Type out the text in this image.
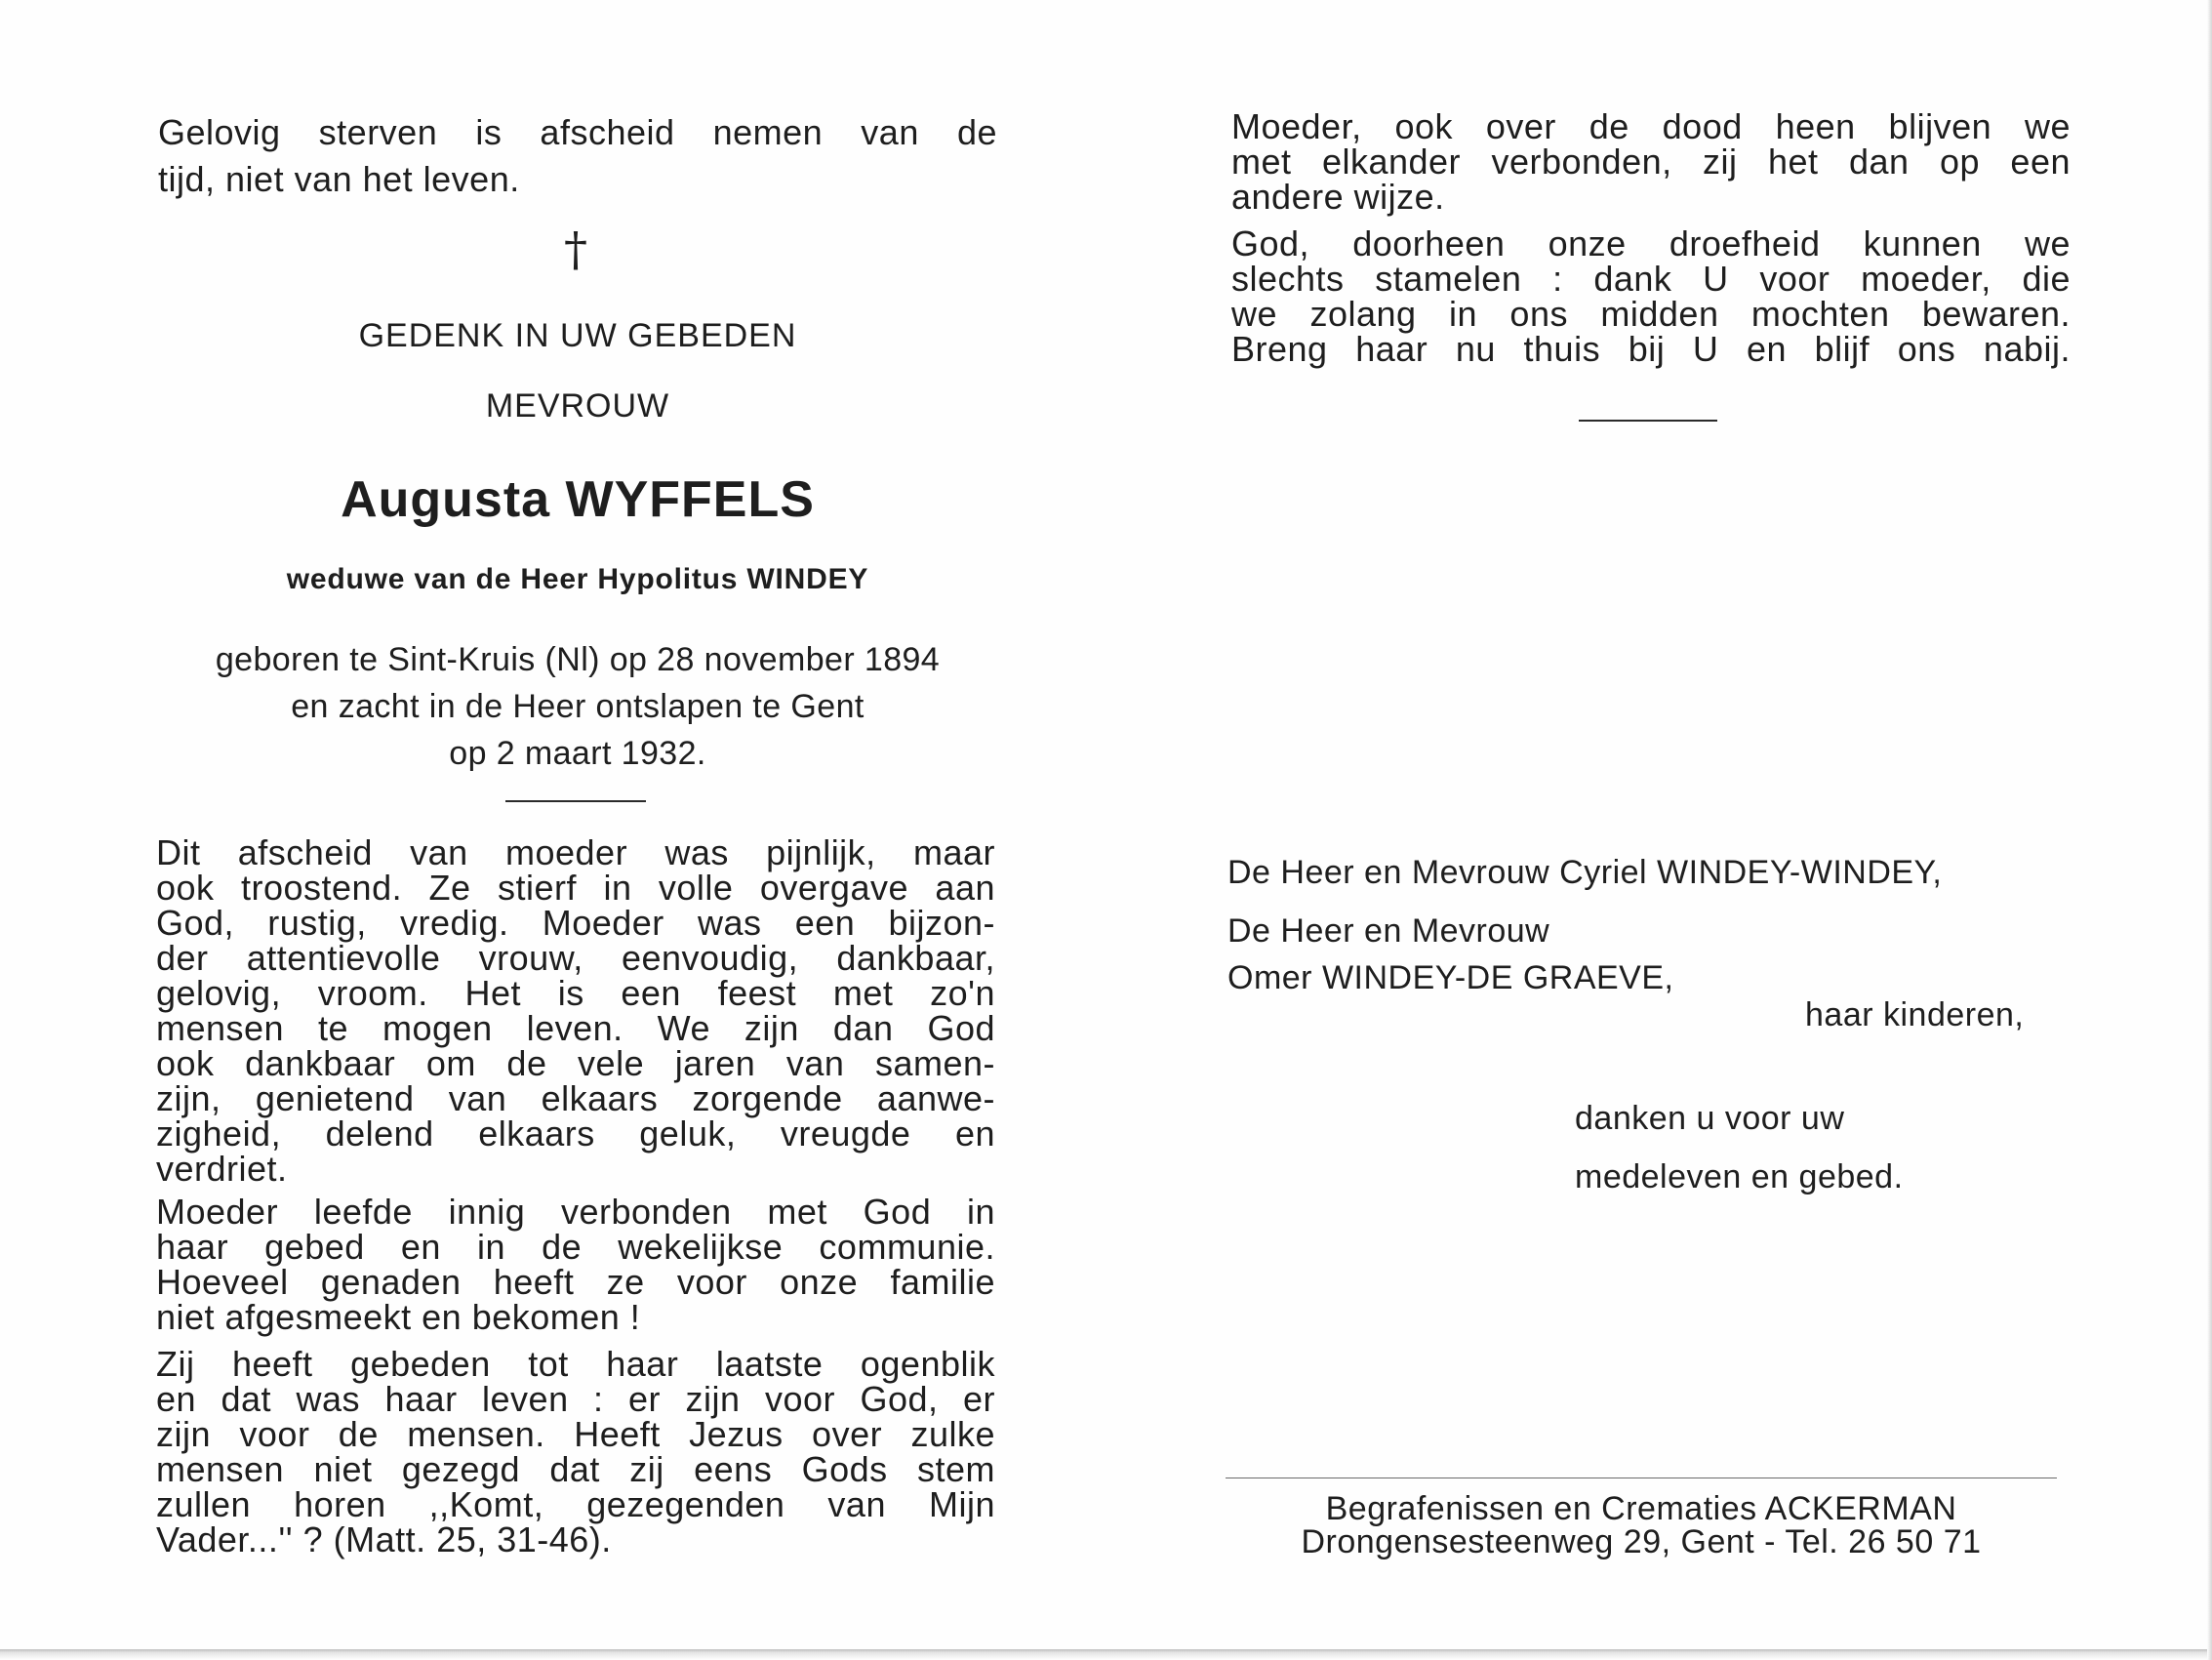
Gelovig sterven is afscheid nemen van de
tijd, niet van het leven.
†
GEDENK IN UW GEBEDEN
MEVROUW
Augusta WYFFELS
weduwe van de Heer Hypolitus WINDEY
geboren te Sint-Kruis (Nl) op 28 november 1894
en zacht in de Heer ontslapen te Gent
op 2 maart 1932.
Dit afscheid van moeder was pijnlijk, maar
ook troostend. Ze stierf in volle overgave aan
God, rustig, vredig. Moeder was een bijzon-
der attentievolle vrouw, eenvoudig, dankbaar,
gelovig, vroom. Het is een feest met zo'n
mensen te mogen leven. We zijn dan God
ook dankbaar om de vele jaren van samen-
zijn, genietend van elkaars zorgende aanwe-
zigheid, delend elkaars geluk, vreugde en
verdriet.
Moeder leefde innig verbonden met God in
haar gebed en in de wekelijkse communie.
Hoeveel genaden heeft ze voor onze familie
niet afgesmeekt en bekomen !
Zij heeft gebeden tot haar laatste ogenblik
en dat was haar leven : er zijn voor God, er
zijn voor de mensen. Heeft Jezus over zulke
mensen niet gezegd dat zij eens Gods stem
zullen horen ,,Komt, gezegenden van Mijn
Vader...'' ? (Matt. 25, 31-46).
Moeder, ook over de dood heen blijven we
met elkander verbonden, zij het dan op een
andere wijze.
God, doorheen onze droefheid kunnen we
slechts stamelen : dank U voor moeder, die
we zolang in ons midden mochten bewaren.
Breng haar nu thuis bij U en blijf ons nabij.
De Heer en Mevrouw Cyriel WINDEY-WINDEY,
De Heer en Mevrouw
Omer WINDEY-DE GRAEVE,
haar kinderen,
danken u voor uw
medeleven en gebed.
Begrafenissen en Crematies ACKERMAN
Drongensesteenweg 29, Gent - Tel. 26 50 71
